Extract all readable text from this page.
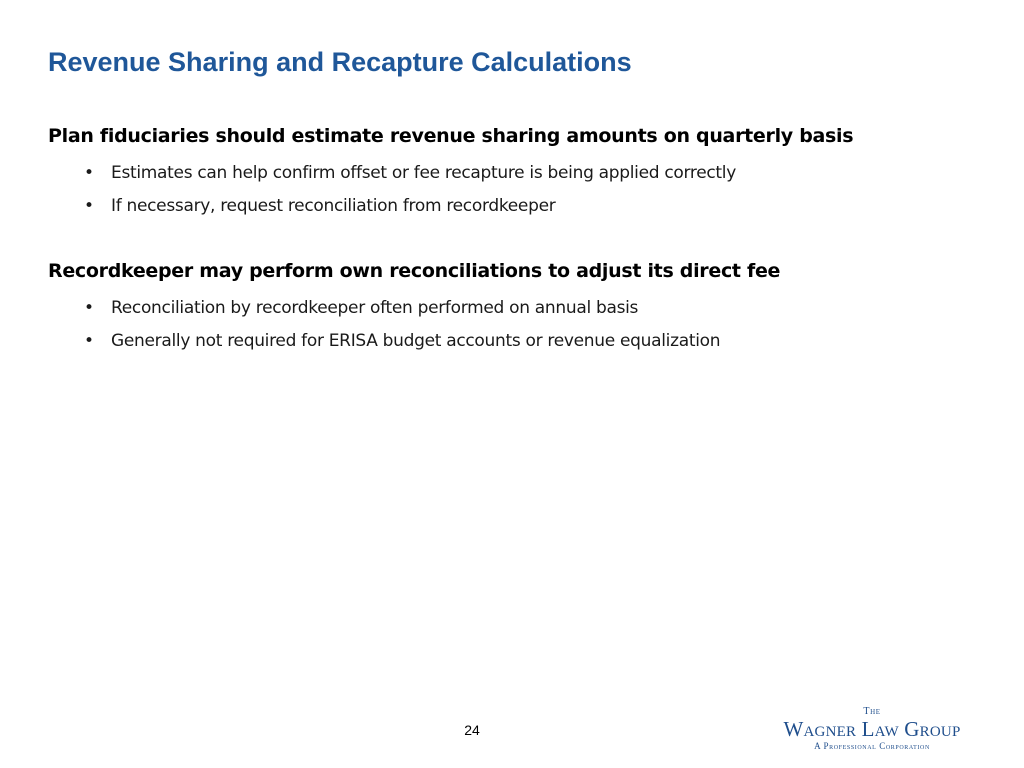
Revenue Sharing and Recapture Calculations

Plan fiduciaries should estimate revenue sharing amounts on quarterly basis

• Estimates can help confirm offset or fee recapture is being applied correctly
• If necessary, request reconciliation from recordkeeper

Recordkeeper may perform own reconciliations to adjust its direct fee

• Reconciliation by recordkeeper often performed on annual basis
• Generally not required for ERISA budget accounts or revenue equalization
24
The
Wagner Law Group
A Professional Corporation
